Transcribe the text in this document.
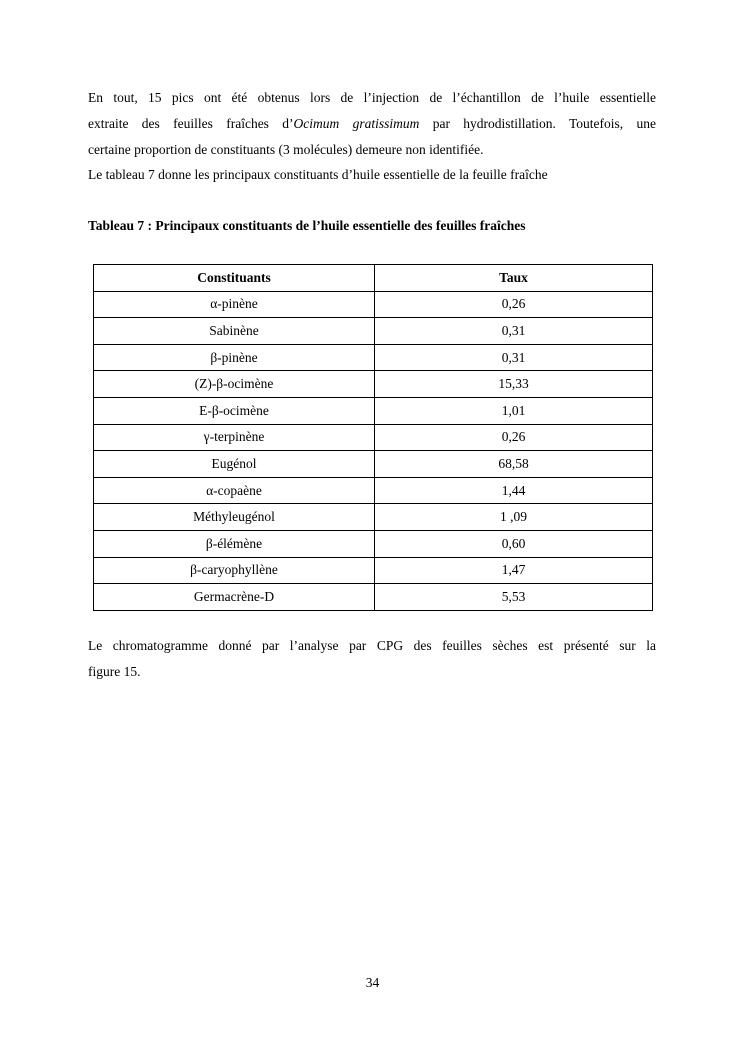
En tout, 15 pics ont été obtenus lors de l’injection de l’échantillon de l’huile essentielle
extraite des feuilles fraîches d’Ocimum gratissimum par hydrodistillation. Toutefois, une
certaine proportion de constituants (3 molécules) demeure non identifiée.
Le tableau 7 donne les principaux constituants d’huile essentielle de la feuille fraîche
Tableau 7 : Principaux constituants de l’huile essentielle des feuilles fraîches
Constituants	Taux
α-pinène	0,26
Sabinène	0,31
β-pinène	0,31
(Z)-β-ocimène	15,33
E-β-ocimène	1,01
γ-terpinène	0,26
Eugénol	68,58
α-copaène	1,44
Méthyleugénol	1 ,09
β-élémène	0,60
β-caryophyllène	1,47
Germacrène-D	5,53
Le chromatogramme donné par l’analyse par CPG des feuilles sèches est présenté sur la
figure 15.
34
